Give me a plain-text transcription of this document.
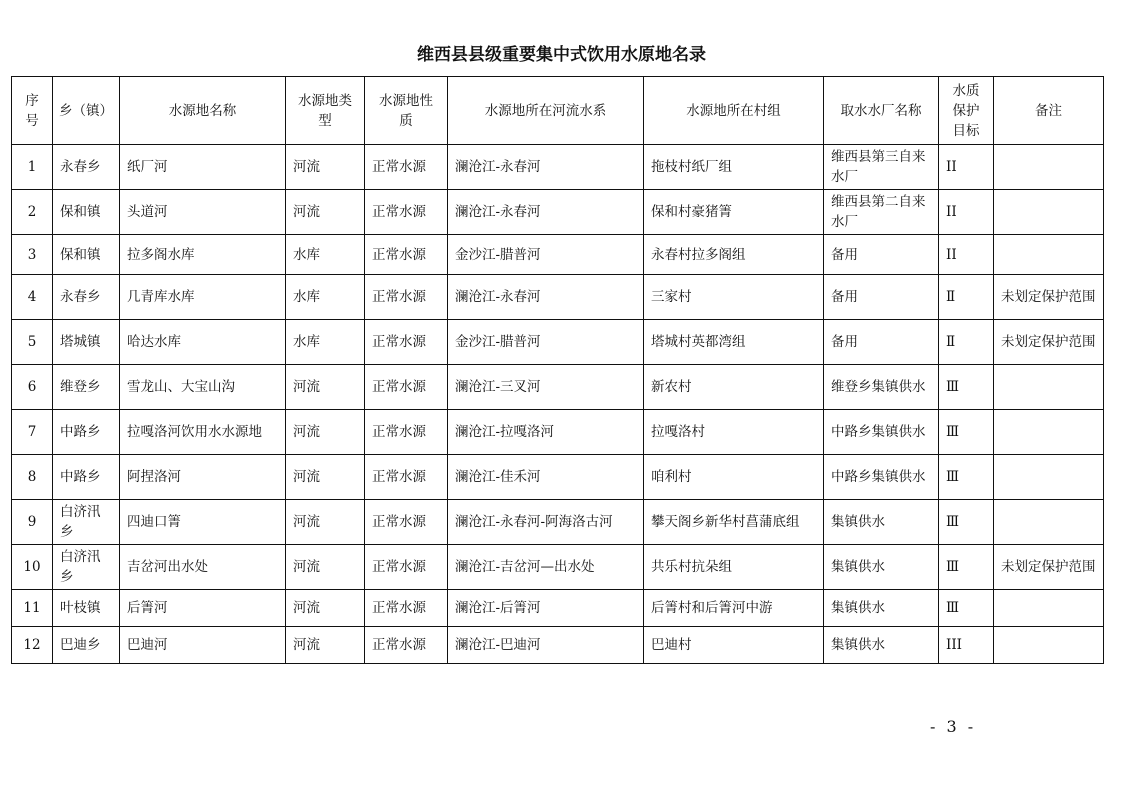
维西县县级重要集中式饮用水原地名录
序号	乡（镇）	水源地名称	水源地类型	水源地性质	水源地所在河流水系	水源地所在村组	取水水厂名称	水质保护目标	备注
1	永春乡	纸厂河	河流	正常水源	澜沧江-永春河	拖枝村纸厂组	维西县第三自来水厂	II	
2	保和镇	头道河	河流	正常水源	澜沧江-永春河	保和村豪猪箐	维西县第二自来水厂	II	
3	保和镇	拉多阁水库	水库	正常水源	金沙江-腊普河	永春村拉多阁组	备用	II	
4	永春乡	几青库水库	水库	正常水源	澜沧江-永春河	三家村	备用	Ⅱ	未划定保护范围
5	塔城镇	哈达水库	水库	正常水源	金沙江-腊普河	塔城村英都湾组	备用	Ⅱ	未划定保护范围
6	维登乡	雪龙山、大宝山沟	河流	正常水源	澜沧江-三叉河	新农村	维登乡集镇供水	Ⅲ	
7	中路乡	拉嘎洛河饮用水水源地	河流	正常水源	澜沧江-拉嘎洛河	拉嘎洛村	中路乡集镇供水	Ⅲ	
8	中路乡	阿捏洛河	河流	正常水源	澜沧江-佳禾河	咱利村	中路乡集镇供水	Ⅲ	
9	白济汛乡	四迪口箐	河流	正常水源	澜沧江-永春河-阿海洛古河	攀天阁乡新华村菖蒲底组	集镇供水	Ⅲ	
10	白济汛乡	吉岔河出水处	河流	正常水源	澜沧江-吉岔河—出水处	共乐村抗朵组	集镇供水	Ⅲ	未划定保护范围
11	叶枝镇	后箐河	河流	正常水源	澜沧江-后箐河	后箐村和后箐河中游	集镇供水	Ⅲ	
12	巴迪乡	巴迪河	河流	正常水源	澜沧江-巴迪河	巴迪村	集镇供水	III	
- 3 -
